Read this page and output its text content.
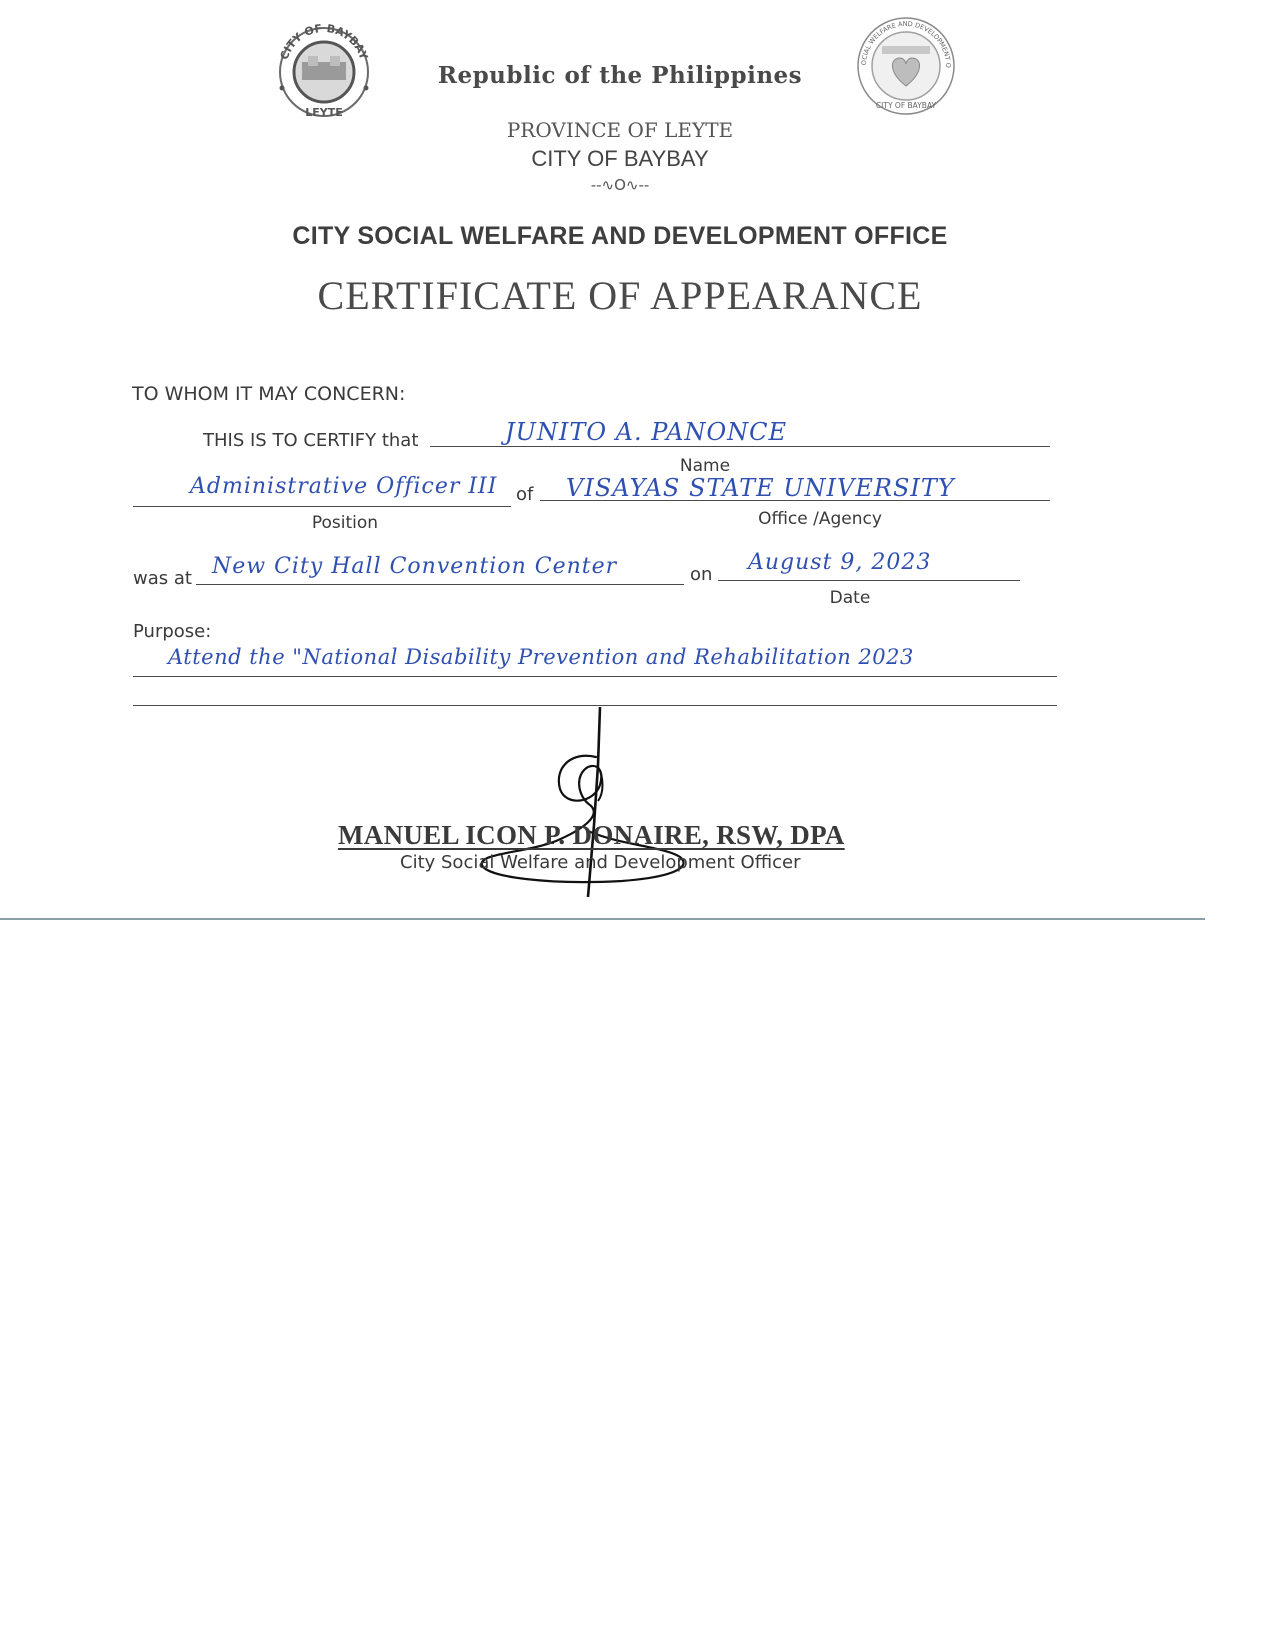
CITY OF BAYBAY
LEYTE
OCIAL WELFARE AND DEVELOPMENT O
CITY OF BAYBAY
Republic of the Philippines
PROVINCE OF LEYTE
CITY OF BAYBAY
--∿O∿--
CITY SOCIAL WELFARE AND DEVELOPMENT OFFICE
CERTIFICATE OF APPEARANCE
TO WHOM IT MAY CONCERN:
THIS IS TO CERTIFY that	JUNITO A. PANONCE
Name
Administrative Officer III of VISAYAS STATE UNIVERSITY
Position	Office /Agency
was at New City Hall Convention Center	on August 9, 2023
Date
Purpose:
Attend the "National Disability Prevention and Rehabilitation 2023
MANUEL ICON P. DONAIRE, RSW, DPA
City Social Welfare and Development Officer
